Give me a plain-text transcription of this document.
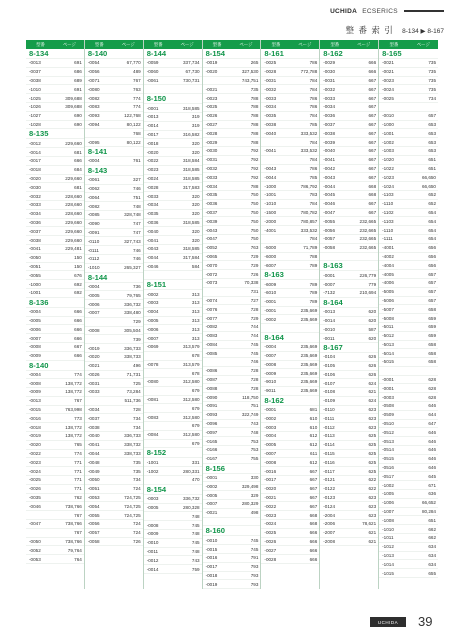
UCHIDA ECSERICS
整 番 索 引 8-134 ▶ 8-167
型番	ページ
8-134
-0013	691
-0037	686
-0038	689
-1010	691
-1025	309,688
-1026	309,688
-1027	690
-1028	690
8-135
-0012	229,660
-0014	681
-0017	666
-0018	684
-0020	229,660
-0030	681
-0032	228,660
-0033	228,660
-0034	228,660
-0036	229,660
-0037	229,660
-0038	229,660
-0041	229,481
-0050	150
-0051	150
-0055	676
-1000	692
-1001	692
8-136
-0004	666
-0005	666
-0006	666
-0007	666
-0008	667
-0009	666
8-140
-0004	774
-0008	138,772
-0009	138,772
-0013	767
-0015	763,998
-0016	773
-0018	138,772
-0019	138,772
-0020	765
-0022	774
-0023	771
-0024	771
-0025	771
-0026	771
-0035	762
-0046	738,766
767
-0047	738,766
767
-0050	738,766
-0052	79,764
-0053	764
型番	ページ
8-140
-0054	67,770
-0056	489
-0071	767
-0080	763
-0082	774
-0083	774
-0093	122,768
-0094	80,122
768
-0095	80,122
8-141
-0004	761
8-143
-0061	327
-0062	746
-0064	751
-0082	748
-0085	328,748
-0090	747
-0091	747
-0110	327,743
-0111	746
-0112	746
-1010	265,327
8-144
-0004	736
-0005	79,765
-0006	336,732
-0007	338,480
729
-0008	305,504
739
-0019	336,733
-0020	338,733
-0021	496
-0026	71,731
-0031	725
-0033	73,284
511,736
-0034	728
-0037	734
-0038	734
-0040	336,733
-0041	338,732
-0044	338,733
-0048	735
-0049	735
-0050	734
-0051	724
-0053	724,725
-0054	724,725
-0055	724,725
-0056	724
-0057	724
-0058	726
型番	ページ
8-144
-0059	337,734
-0060	67,730
-0061	730,731
8-150
-0001	318,585
-0013	319
-0014	319
-0017	316,582
-0018	320
-0020	320
-0022	318,584
-0023	318,585
-0024	318,585
-0028	317,583
-0033	320
-0034	320
-0035	320
-0036	318,585
-0040	320
-0041	320
-0043	318,585
-0044	317,584
-0046	584
8-151
-0002	313
-0003	313
-0004	313
-0005	313
-0006	313
-0007	313
-0069	313,579
678
-0078	313,579
678
-0080	312,580
679
-0081	312,580
679
-0083	312,580
679
-0084	312,580
679
8-152
-1001	331
-1002	280,331
470
8-154
-0003	336,732
-0005	280,328
748
-0008	745
-0009	748
-0010	745
-0011	748
-0012	743
-0014	759
型番	ページ
8-154
-0019	265
-0020	327,530
743,751
-0021	735
-0023	788
-0025	788
-0026	788
-0027	788
-0028	788
-0029	788
-0030	792
-0031	792
-0032	792
-0033	792
-0034	788
-0035	750
-0036	750
-0037	750
-0039	750
-0043	750
-0047	750
-0052	763
-0065	729
-0070	729
-0072	726
-0073	70,338
731
-0074	727
-0076	728
-0077	729
-0082	744
-0083	744
-0084	745
-0085	745
746
-0086	728
-0087	728
-0088	728
-0090	118,750
-0091	751
-0093	322,749
-0096	743
-0097	748
-0165	753
-0166	753
-0167	755
8-156
-0001	330
-0002	329,498
-0005	329
-0007	280,329
-0021	498
8-160
-0010	745
-0015	745
-0016	791
-0017	793
-0018	793
-0019	793
型番	ページ
8-161
-0025	786
-0028	772,788
-0031	784
-0032	784
-0033	786
-0034	786
-0035	784
-0038	785
-0040	333,532
784
-0041	333,532
784
-0043	786
-0044	785
-1000	786,792
-1001	783
-1010	784
-1500	780,782
-2000	780,857
-4001	333,532
784
-5000	71,789
-6000	788
-6007	789
8-163
-6009	789
-6010	789
-0001	789
-0001	235,669
-0002	235,669
8-164
-0004	235,669
-0007	235,669
-0008	235,669
-0009	235,669
-9010	235,669
-9011	235,669
8-162
-0001	681
-0002	610
-0003	610
-0004	612
-0005	612
-0007	611
-0008	612
-0016	667
-0017	667
-0020	667
-0021	667
-0022	667
-0023	668
-0024	668
-0025	666
-0026	666
-0027	666
-0028	666
型番	ページ
8-162
-0029	666
-0030	666
-0031	667
-0032	667
-0033	667
-0034	667
-0036	667
-0037	667
-0038	667
-0039	667
-0040	667
-0041	667
-0042	667
-0043	667
-0044	668
-0045	668
-0046	667
-0047	667
-0055	232,665
-0056	232,665
-0057	232,665
-0058	232,665
8-163
-0001	226,779
-0007	779
-7132	210,694
8-164
-0013	620
-0014	620
-0010	587
-0011	620
8-167
-0104	626
-0105	626
-0106	626
-0107	624
-0108	621
-0109	624
-0110	623
-0111	623
-0112	623
-0113	625
-0114	625
-0115	625
-0116	625
-0117	625
-0121	622
-0122	622
-0123	623
-0124	623
-2004	623
-2006	78,621
-2007	621
-2008	621
型番	ページ
8-165
-0021	735
-0021	735
-0023	735
-0024	735
-0025	734
-0010	657
-1000	653
-1001	653
-1002	653
-1003	653
-1020	651
-1022	651
-1023	66,650
-1024	66,650
-1103	652
-1110	652
-1102	654
-1103	654
-1110	654
-1111	654
-4001	656
-4002	656
-4004	656
-4005	657
-4006	657
-5005	657
-5006	657
-5007	658
-5008	659
-5011	659
-5012	659
-5013	658
-5014	658
-5015	658
-0001	628
-0001	628
-0003	628
-0508	646
-0509	644
-0510	647
-0512	646
-0513	646
-0514	646
-0515	646
-0516	646
-0517	645
-1002	671
-1005	636
-1006	66,652
-1007	80,284
-1008	651
-1010	662
-1011	662
-1012	634
-1013	634
-1014	634
-1015	655
UCHIDA	39
